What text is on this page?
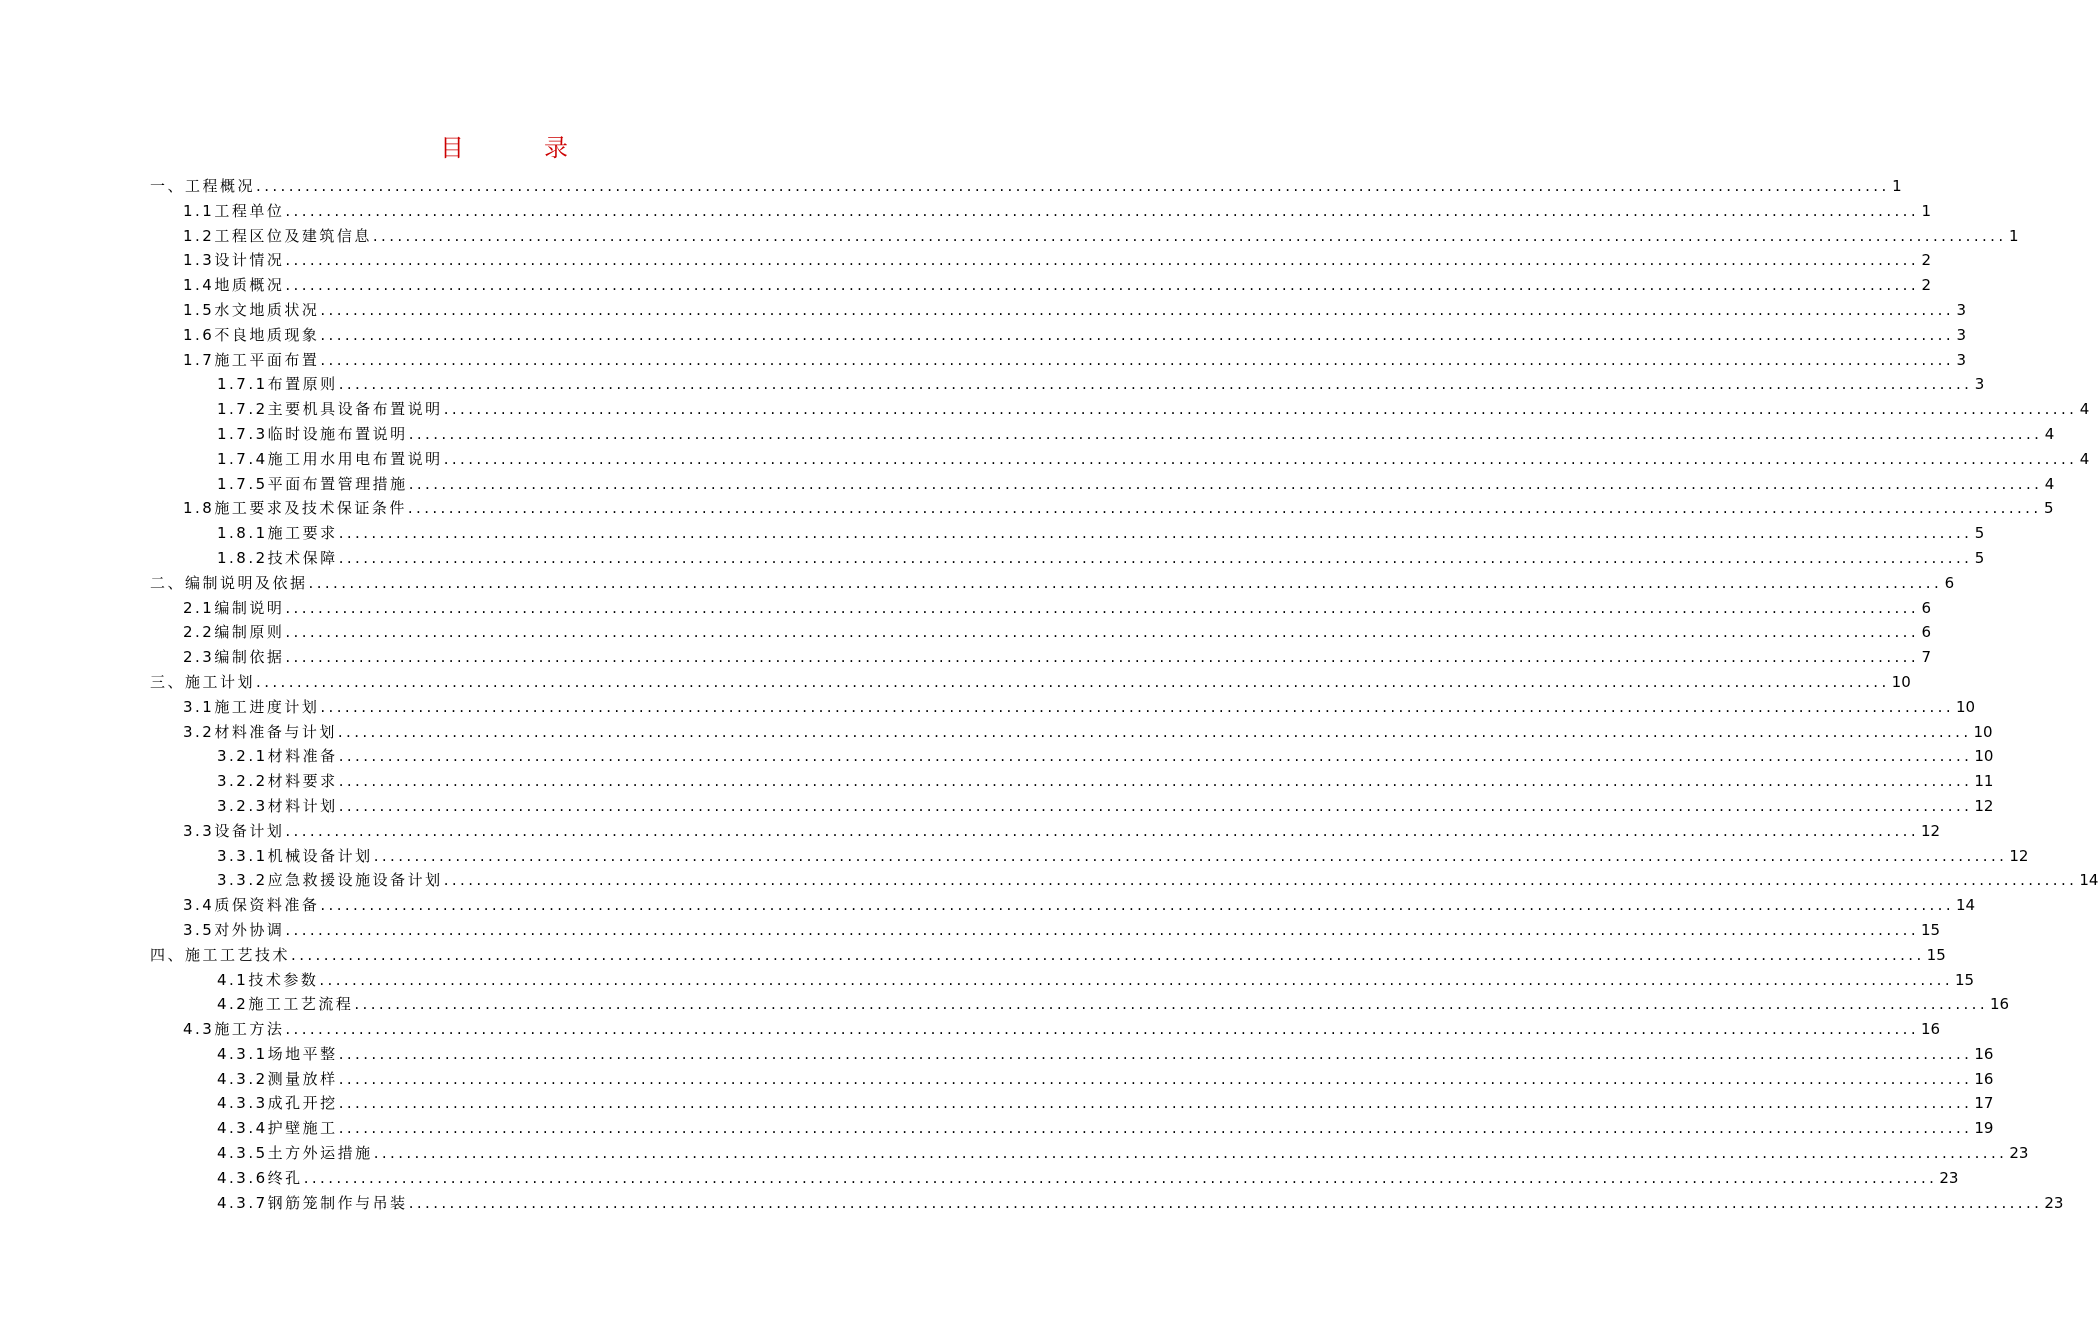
目　录
一、 工程概况 ........................................................................................................................................................................................................ 1
1.1 工程单位 ........................................................................................................................................................................................................ 1
1.2 工程区位及建筑信息 ........................................................................................................................................................................................................ 1
1.3 设计情况 ........................................................................................................................................................................................................ 2
1.4 地质概况 ........................................................................................................................................................................................................ 2
1.5 水文地质状况 ........................................................................................................................................................................................................ 3
1.6 不良地质现象 ........................................................................................................................................................................................................ 3
1.7 施工平面布置 ........................................................................................................................................................................................................ 3
1.7.1 布置原则 ........................................................................................................................................................................................................ 3
1.7.2 主要机具设备布置说明 ........................................................................................................................................................................................................ 4
1.7.3 临时设施布置说明 ........................................................................................................................................................................................................ 4
1.7.4 施工用水用电布置说明 ........................................................................................................................................................................................................ 4
1.7.5 平面布置管理措施 ........................................................................................................................................................................................................ 4
1.8 施工要求及技术保证条件 ........................................................................................................................................................................................................ 5
1.8.1 施工要求 ........................................................................................................................................................................................................ 5
1.8.2 技术保障 ........................................................................................................................................................................................................ 5
二、 编制说明及依据 ........................................................................................................................................................................................................ 6
2.1 编制说明 ........................................................................................................................................................................................................ 6
2.2 编制原则 ........................................................................................................................................................................................................ 6
2.3 编制依据 ........................................................................................................................................................................................................ 7
三、 施工计划 ........................................................................................................................................................................................................ 10
3.1 施工进度计划 ........................................................................................................................................................................................................ 10
3.2 材料准备与计划 ........................................................................................................................................................................................................ 10
3.2.1 材料准备 ........................................................................................................................................................................................................ 10
3.2.2 材料要求 ........................................................................................................................................................................................................ 11
3.2.3 材料计划 ........................................................................................................................................................................................................ 12
3.3 设备计划 ........................................................................................................................................................................................................ 12
3.3.1 机械设备计划 ........................................................................................................................................................................................................ 12
3.3.2 应急救援设施设备计划 ........................................................................................................................................................................................................ 14
3.4 质保资料准备 ........................................................................................................................................................................................................ 14
3.5 对外协调 ........................................................................................................................................................................................................ 15
四、 施工工艺技术 ........................................................................................................................................................................................................ 15
4.1 技术参数 ........................................................................................................................................................................................................ 15
4.2 施工工艺流程 ........................................................................................................................................................................................................ 16
4.3 施工方法 ........................................................................................................................................................................................................ 16
4.3.1 场地平整 ........................................................................................................................................................................................................ 16
4.3.2 测量放样 ........................................................................................................................................................................................................ 16
4.3.3 成孔开挖 ........................................................................................................................................................................................................ 17
4.3.4 护壁施工 ........................................................................................................................................................................................................ 19
4.3.5 土方外运措施 ........................................................................................................................................................................................................ 23
4.3.6 终孔 ........................................................................................................................................................................................................ 23
4.3.7 钢筋笼制作与吊装 ........................................................................................................................................................................................................ 23
